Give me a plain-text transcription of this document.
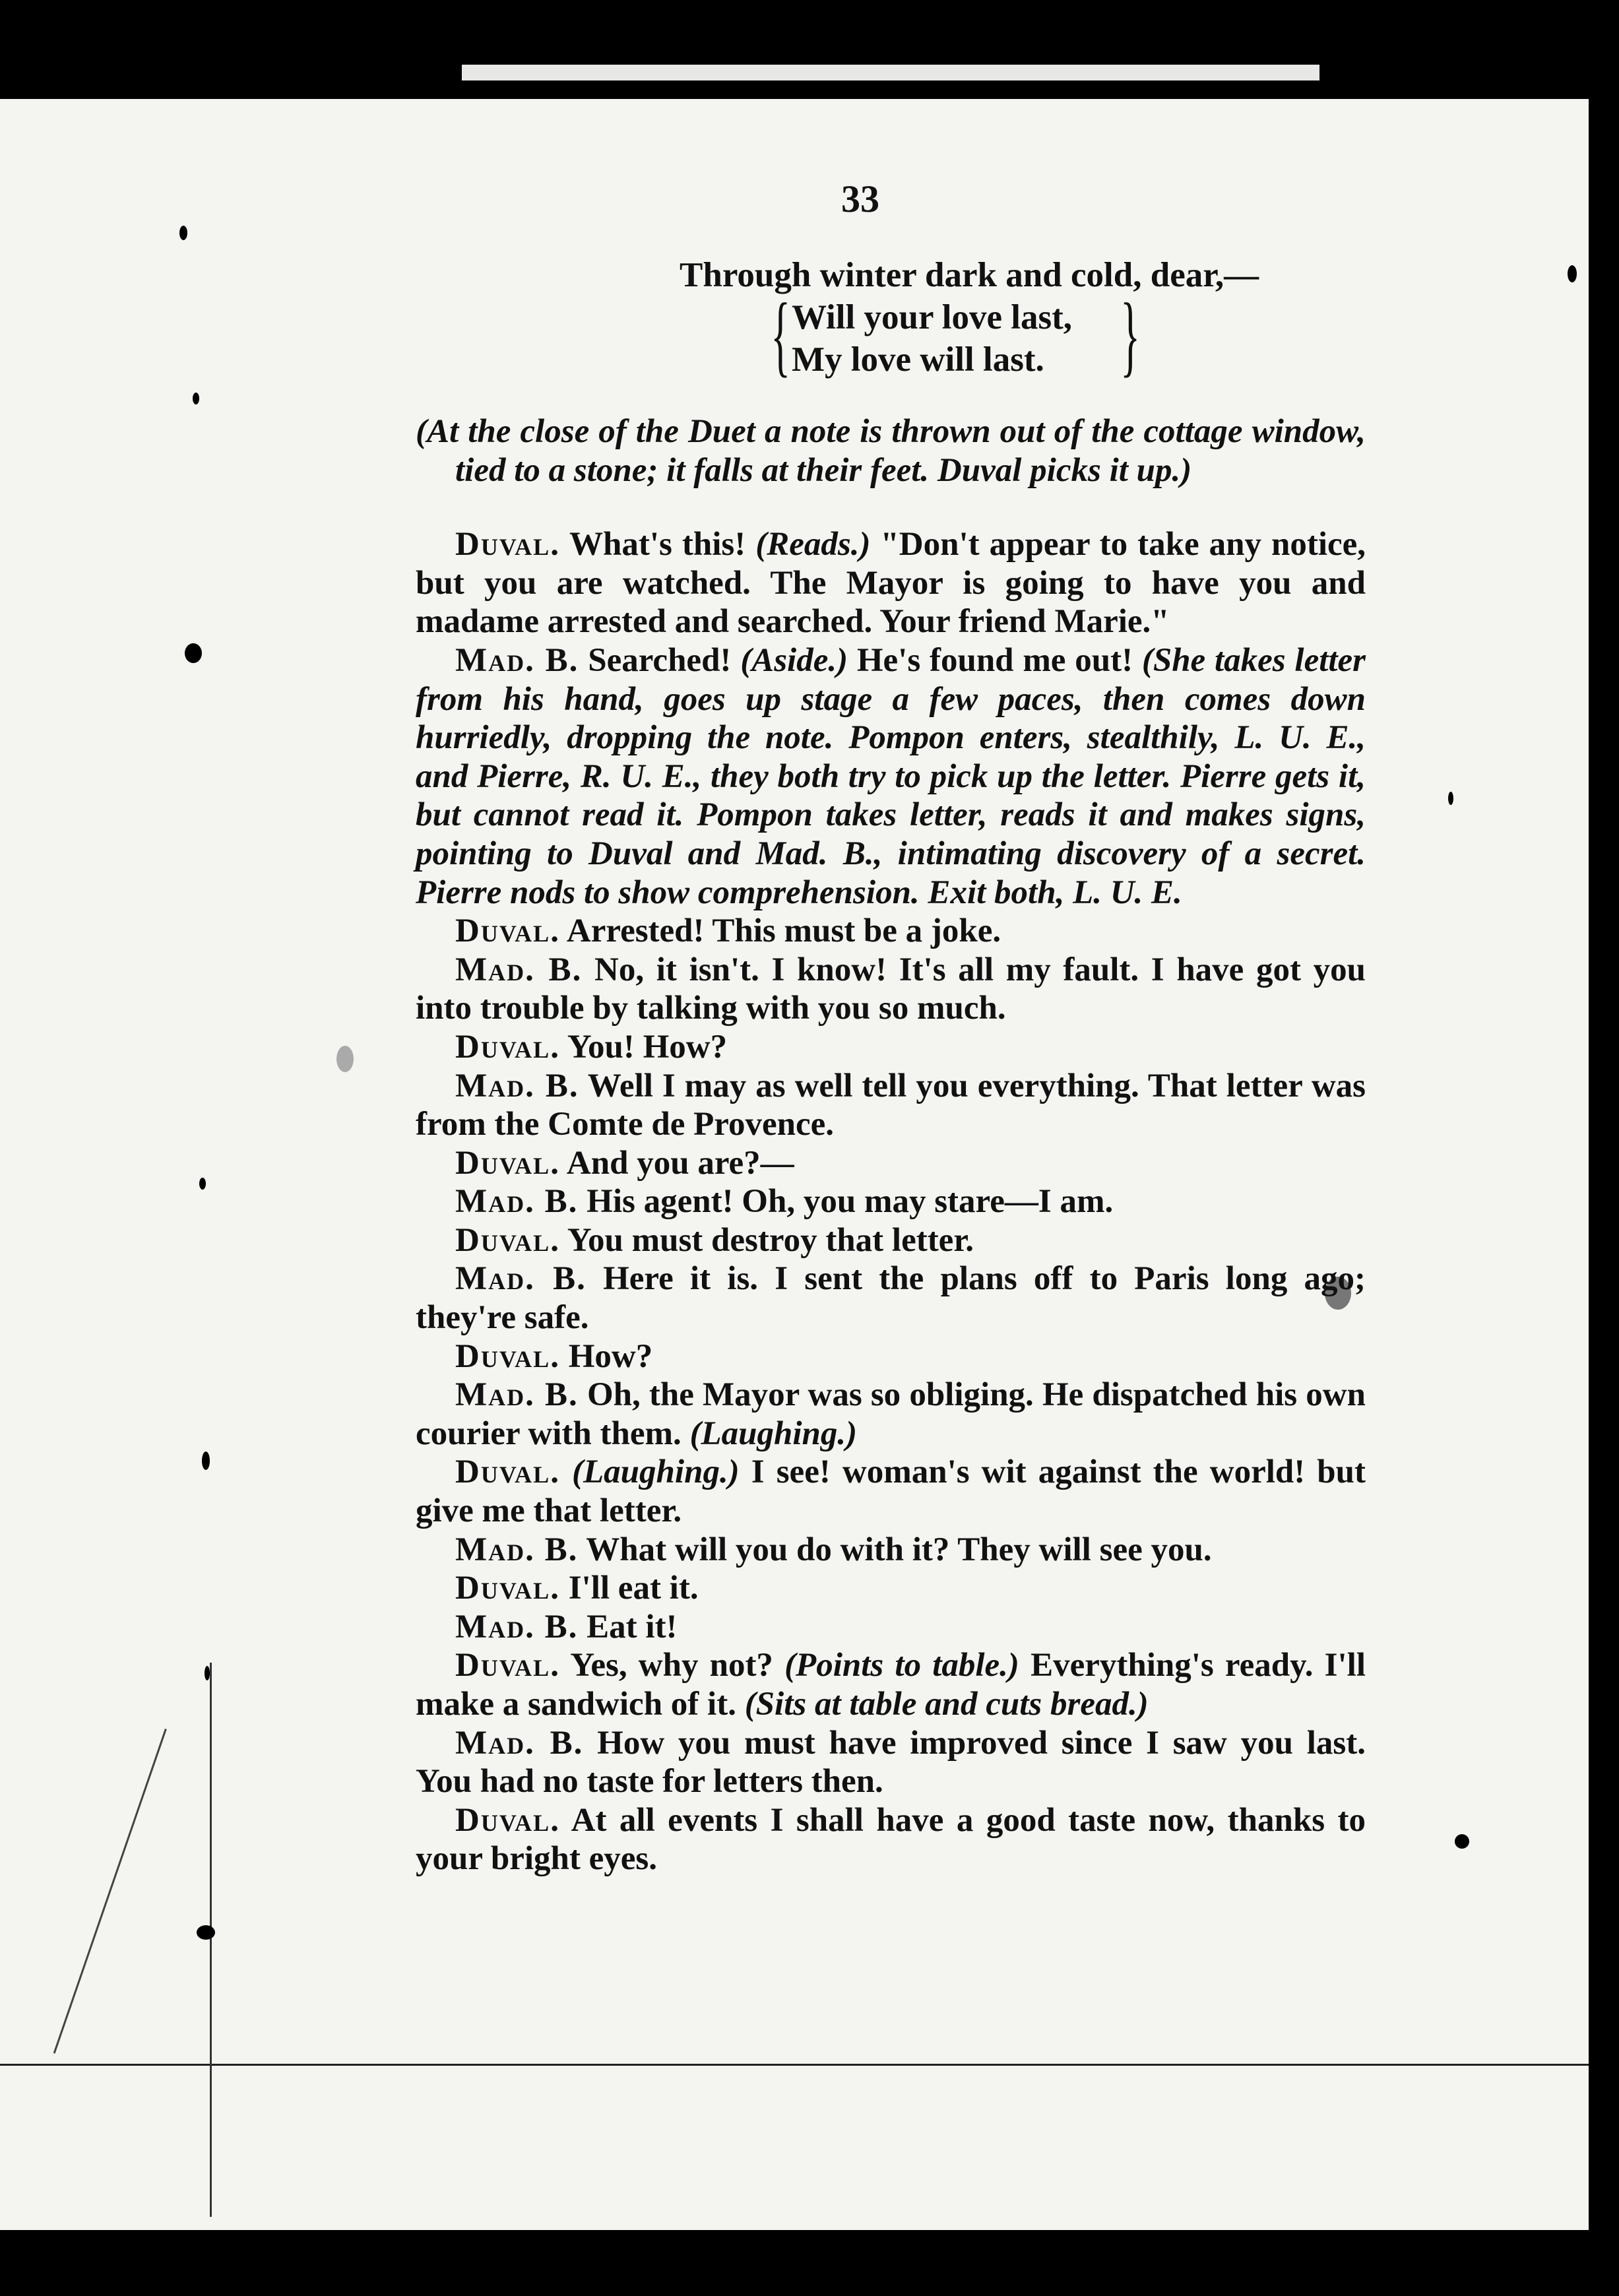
33
Through winter dark and cold, dear,—
Will your love last,
My love will last.
{	}

(At the close of the Duet a note is thrown out of the cottage window, tied to a stone; it falls at their feet. Duval picks it up.)

Duval. What's this! (Reads.) "Don't appear to take any notice, but you are watched. The Mayor is going to have you and madame arrested and searched. Your friend Marie."

Mad. B. Searched! (Aside.) He's found me out! (She takes letter from his hand, goes up stage a few paces, then comes down hurriedly, dropping the note. Pompon enters, stealthily, L. U. E., and Pierre, R. U. E., they both try to pick up the letter. Pierre gets it, but cannot read it. Pompon takes letter, reads it and makes signs, pointing to Duval and Mad. B., intimating discovery of a secret. Pierre nods to show comprehension. Exit both, L. U. E.

Duval. Arrested! This must be a joke.

Mad. B. No, it isn't. I know! It's all my fault. I have got you into trouble by talking with you so much.

Duval. You! How?

Mad. B. Well I may as well tell you everything. That letter was from the Comte de Provence.

Duval. And you are?—

Mad. B. His agent! Oh, you may stare—I am.

Duval. You must destroy that letter.

Mad. B. Here it is. I sent the plans off to Paris long ago; they're safe.

Duval. How?

Mad. B. Oh, the Mayor was so obliging. He dispatched his own courier with them. (Laughing.)

Duval. (Laughing.) I see! woman's wit against the world! but give me that letter.

Mad. B. What will you do with it? They will see you.

Duval. I'll eat it.

Mad. B. Eat it!

Duval. Yes, why not? (Points to table.) Everything's ready. I'll make a sandwich of it. (Sits at table and cuts bread.)

Mad. B. How you must have improved since I saw you last. You had no taste for letters then.

Duval. At all events I shall have a good taste now, thanks to your bright eyes.
